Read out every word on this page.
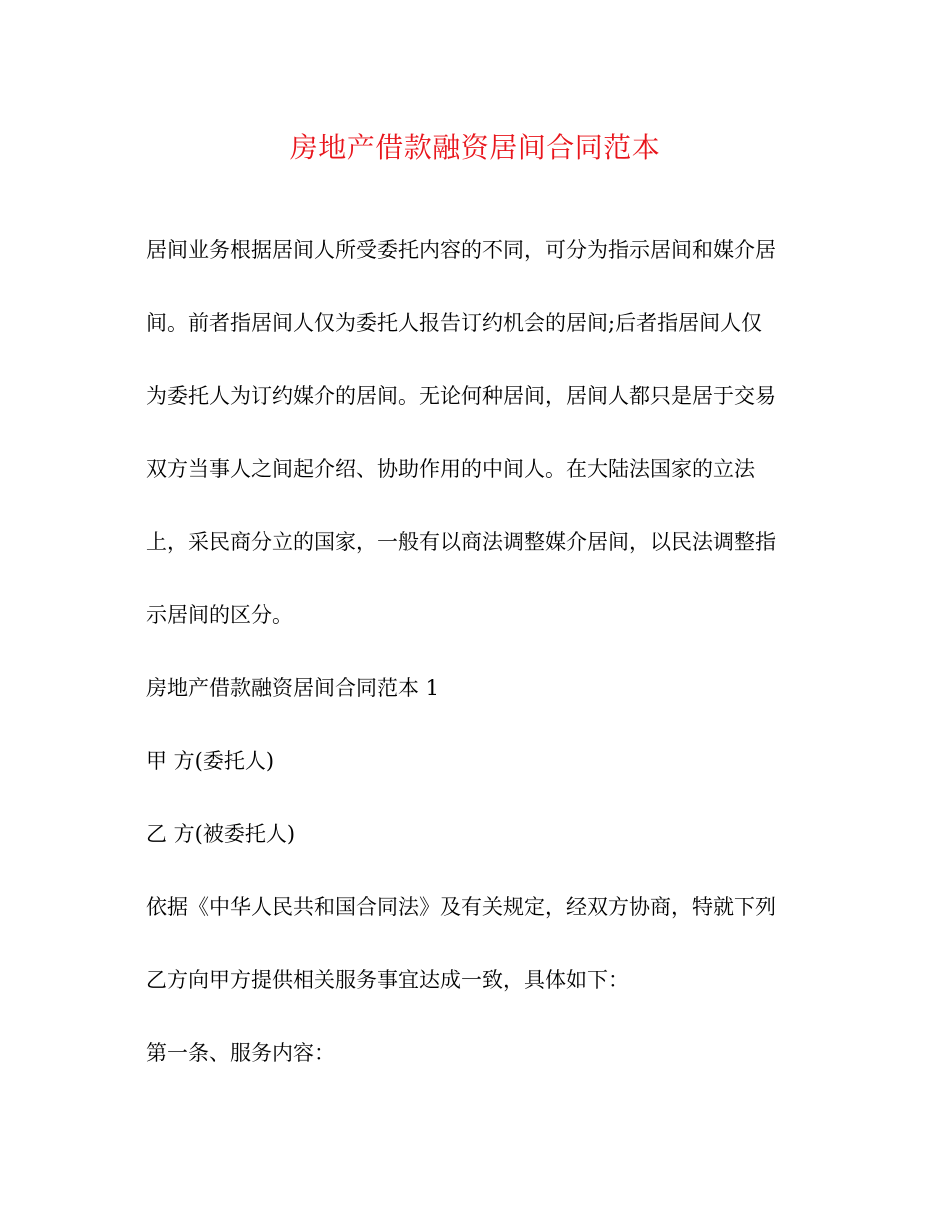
房地产借款融资居间合同范本

居间业务根据居间人所受委托内容的不同，可分为指示居间和媒介居

间。前者指居间人仅为委托人报告订约机会的居间;后者指居间人仅

为委托人为订约媒介的居间。无论何种居间，居间人都只是居于交易

双方当事人之间起介绍、协助作用的中间人。在大陆法国家的立法

上，采民商分立的国家，一般有以商法调整媒介居间，以民法调整指

示居间的区分。

房地产借款融资居间合同范本 1

甲 方(委托人)

乙 方(被委托人)

依据《中华人民共和国合同法》及有关规定，经双方协商，特就下列

乙方向甲方提供相关服务事宜达成一致，具体如下：

第一条、服务内容：
